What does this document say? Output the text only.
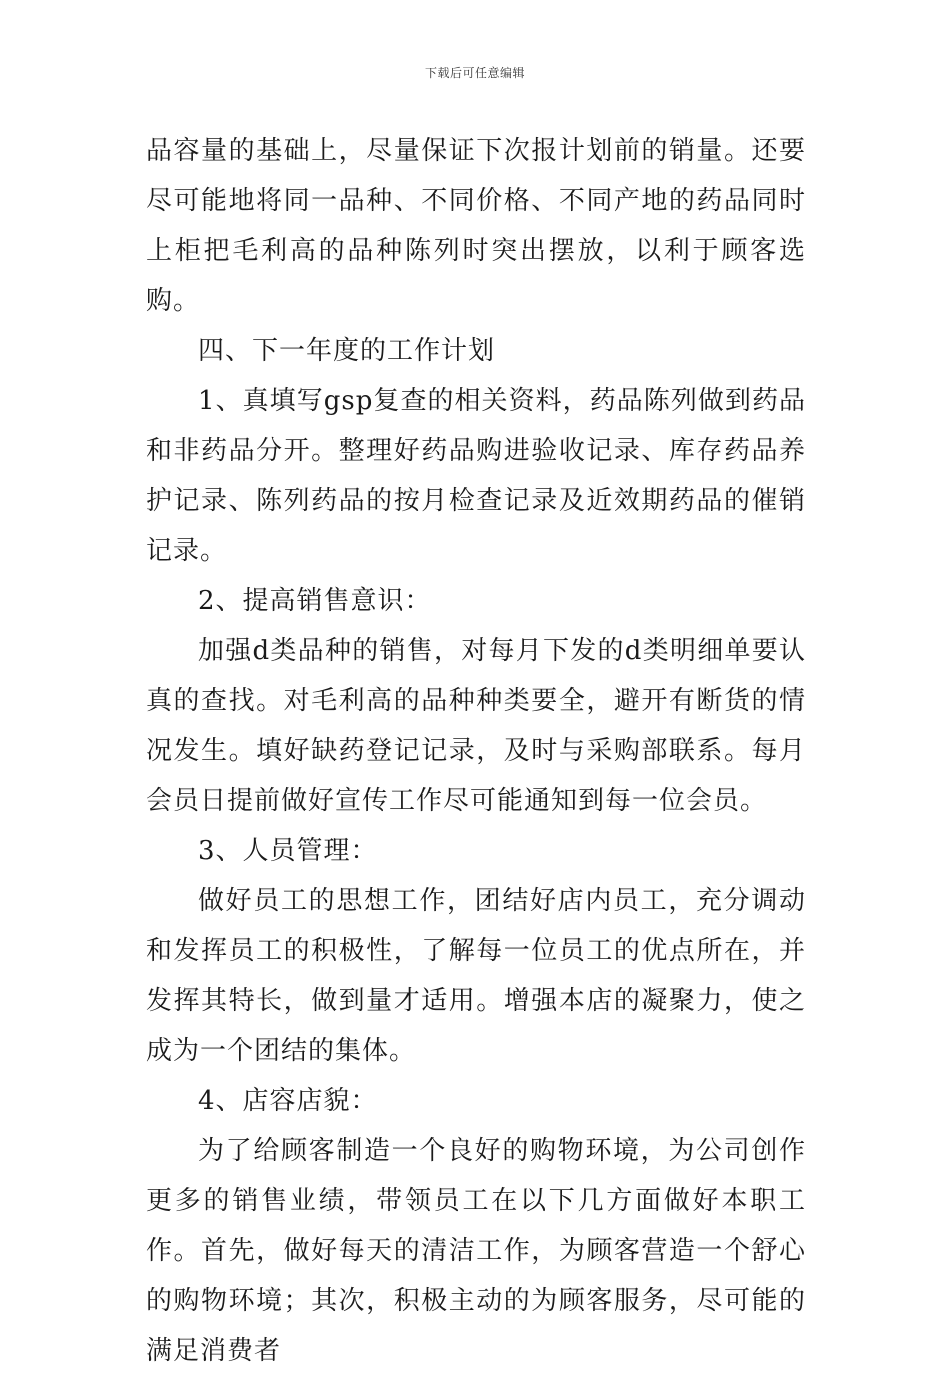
下载后可任意编辑

品容量的基础上，尽量保证下次报计划前的销量。还要尽可能地将同一品种、不同价格、不同产地的药品同时上柜把毛利高的品种陈列时突出摆放，以利于顾客选购。

四、下一年度的工作计划

1、真填写gsp复查的相关资料，药品陈列做到药品和非药品分开。整理好药品购进验收记录、库存药品养护记录、陈列药品的按月检查记录及近效期药品的催销记录。

2、提高销售意识：

加强d类品种的销售，对每月下发的d类明细单要认真的查找。对毛利高的品种种类要全，避开有断货的情况发生。填好缺药登记记录，及时与采购部联系。每月会员日提前做好宣传工作尽可能通知到每一位会员。

3、人员管理：

做好员工的思想工作，团结好店内员工，充分调动和发挥员工的积极性，了解每一位员工的优点所在，并发挥其特长，做到量才适用。增强本店的凝聚力，使之成为一个团结的集体。

4、店容店貌：

为了给顾客制造一个良好的购物环境，为公司创作更多的销售业绩，带领员工在以下几方面做好本职工作。首先，做好每天的清洁工作，为顾客营造一个舒心的购物环境；其次，积极主动的为顾客服务，尽可能的满足消费者
